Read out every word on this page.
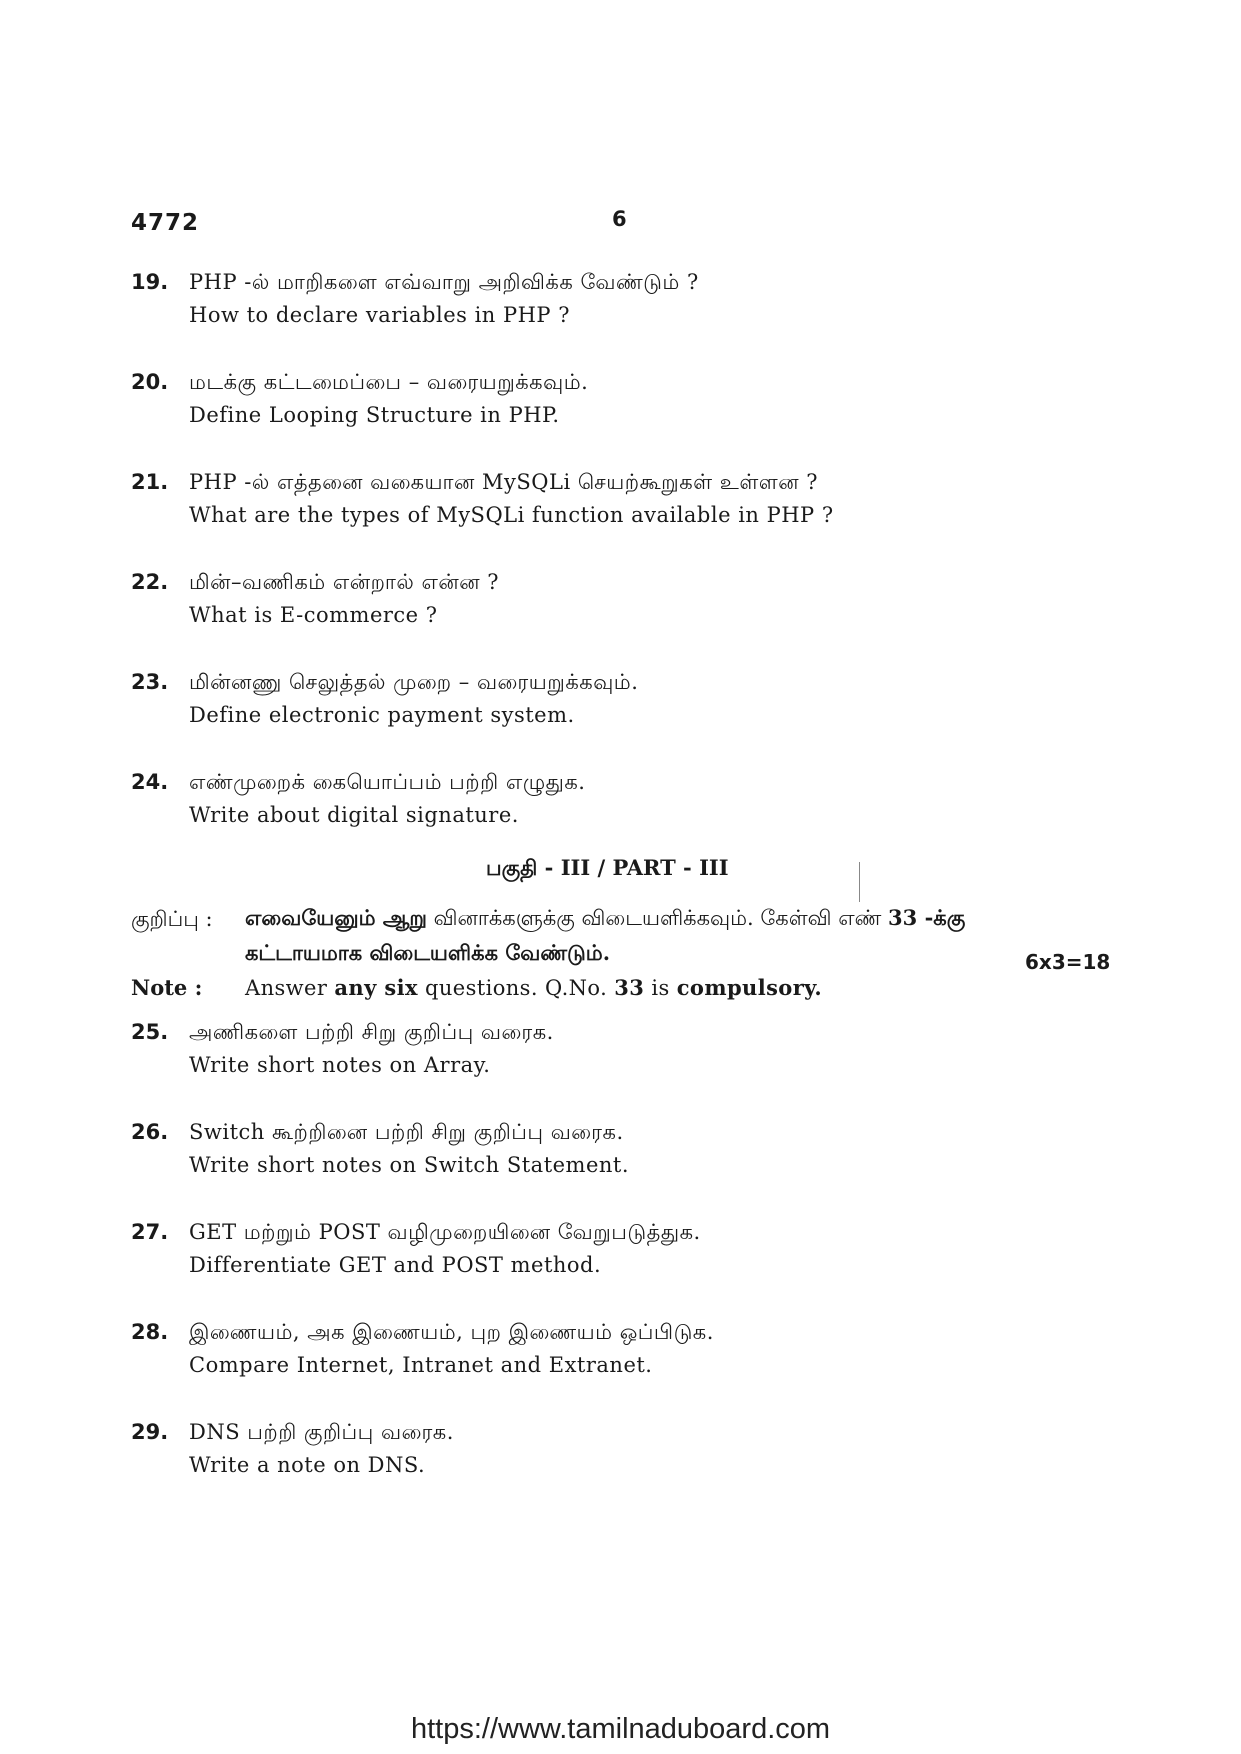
4772	6
19. PHP -ல் மாறிகளை எவ்வாறு அறிவிக்க வேண்டும் ?
How to declare variables in PHP ?
20. மடக்கு கட்டமைப்பை – வரையறுக்கவும்.
Define Looping Structure in PHP.
21. PHP -ல் எத்தனை வகையான MySQLi செயற்கூறுகள் உள்ளன ?
What are the types of MySQLi function available in PHP ?
22. மின்–வணிகம் என்றால் என்ன ?
What is E-commerce ?
23. மின்னணு செலுத்தல் முறை – வரையறுக்கவும்.
Define electronic payment system.
24. எண்முறைக் கையொப்பம் பற்றி எழுதுக.
Write about digital signature.
பகுதி - III / PART - III
குறிப்பு : எவையேனும் ஆறு வினாக்களுக்கு விடையளிக்கவும். கேள்வி எண் 33 -க்கு
கட்டாயமாக விடையளிக்க வேண்டும்.	6x3=18
Note : Answer any six questions. Q.No. 33 is compulsory.
25. அணிகளை பற்றி சிறு குறிப்பு வரைக.
Write short notes on Array.
26. Switch கூற்றினை பற்றி சிறு குறிப்பு வரைக.
Write short notes on Switch Statement.
27. GET மற்றும் POST வழிமுறையினை வேறுபடுத்துக.
Differentiate GET and POST method.
28. இணையம், அக இணையம், புற இணையம் ஒப்பிடுக.
Compare Internet, Intranet and Extranet.
29. DNS பற்றி குறிப்பு வரைக.
Write a note on DNS.
https://www.tamilnaduboard.com
